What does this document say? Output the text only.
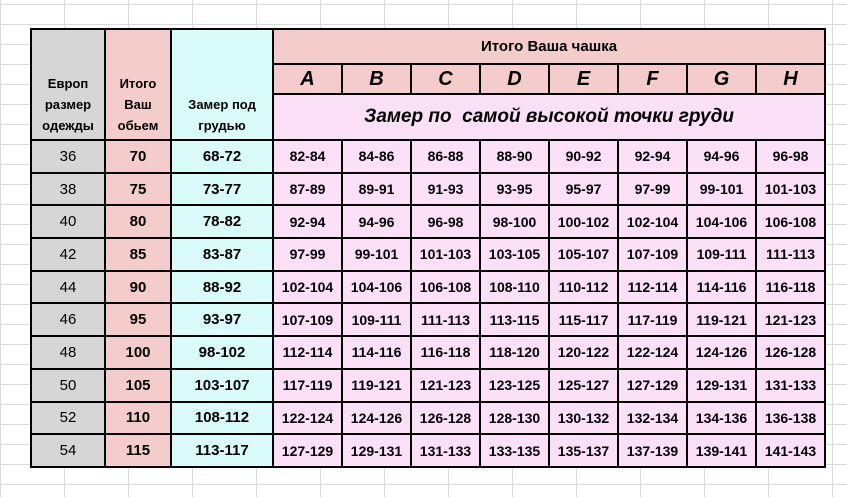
Европ размер одежды	Итого Ваш обьем	Замер под грудью	Итого Ваша чашка							
			A	B	C	D	E	F	G	H
			Замер по  самой высокой точки груди							
36	70	68-72	82-84	84-86	86-88	88-90	90-92	92-94	94-96	96-98
38	75	73-77	87-89	89-91	91-93	93-95	95-97	97-99	99-101	101-103
40	80	78-82	92-94	94-96	96-98	98-100	100-102	102-104	104-106	106-108
42	85	83-87	97-99	99-101	101-103	103-105	105-107	107-109	109-111	111-113
44	90	88-92	102-104	104-106	106-108	108-110	110-112	112-114	114-116	116-118
46	95	93-97	107-109	109-111	111-113	113-115	115-117	117-119	119-121	121-123
48	100	98-102	112-114	114-116	116-118	118-120	120-122	122-124	124-126	126-128
50	105	103-107	117-119	119-121	121-123	123-125	125-127	127-129	129-131	131-133
52	110	108-112	122-124	124-126	126-128	128-130	130-132	132-134	134-136	136-138
54	115	113-117	127-129	129-131	131-133	133-135	135-137	137-139	139-141	141-143
